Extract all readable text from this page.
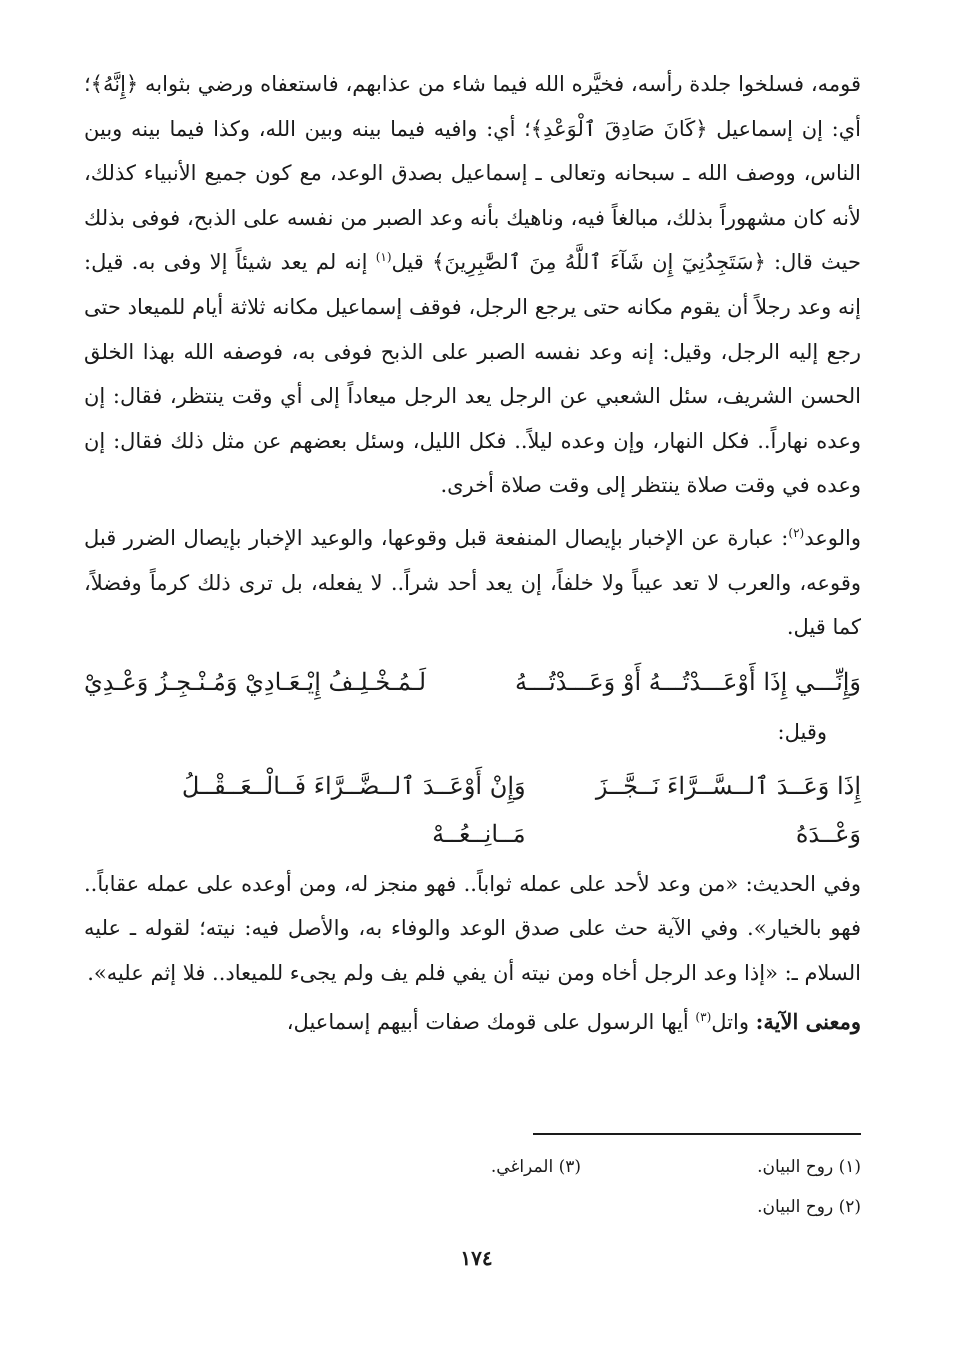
قومه، فسلخوا جلدة رأسه، فخيَّره الله فيما شاء من عذابهم، فاستعفاه ورضي بثوابه ﴿إِنَّهُ﴾؛ أي: إن إسماعيل ﴿كَانَ صَادِقَ ٱلْوَعْدِ﴾؛ أي: وافيه فيما بينه وبين الله، وكذا فيما بينه وبين الناس، ووصف الله ـ سبحانه وتعالى ـ إسماعيل بصدق الوعد، مع كون جميع الأنبياء كذلك، لأنه كان مشهوراً بذلك، مبالغاً فيه، وناهيك بأنه وعد الصبر من نفسه على الذبح، فوفى بذلك حيث قال: ﴿سَتَجِدُنِيٓ إِن شَآءَ ٱللَّهُ مِنَ ٱلصَّٰبِرِينَ﴾ قيل$^{(١)}$ إنه لم يعد شيئاً إلا وفى به. قيل: إنه وعد رجلاً أن يقوم مكانه حتى يرجع الرجل، فوقف إسماعيل مكانه ثلاثة أيام للميعاد حتى رجع إليه الرجل، وقيل: إنه وعد نفسه الصبر على الذبح فوفى به، فوصفه الله بهذا الخلق الحسن الشريف، سئل الشعبي عن الرجل يعد الرجل ميعاداً إلى أي وقت ينتظر، فقال: إن وعده نهاراً.. فكل النهار، وإن وعده ليلاً.. فكل الليل، وسئل بعضهم عن مثل ذلك فقال: إن وعده في وقت صلاة ينتظر إلى وقت صلاة أخرى.

والوعد$^{(٢)}$: عبارة عن الإخبار بإيصال المنفعة قبل وقوعها، والوعيد الإخبار بإيصال الضرر قبل وقوعه، والعرب لا تعد عيباً ولا خلفاً، إن يعد أحد شراً.. لا يفعله، بل ترى ذلك كرماً وفضلاً، كما قيل.

وَإِنِّـــي إِذَا أَوْعَـــدْتُـــهُ أَوْ وَعَـــدْتُـــهُ
لَـمُـخْـلِـفُ إِيْـعَـادِيْ وَمُـنْـجِـزُ وَعْـدِيْ

وقيل:

إِذَا وَعَــدَ ٱلــسَّــرَّاءَ نَــجَّــزَ وَعْــدَهُ
وَإِنْ أَوْعَــدَ ٱلــضَّــرَّاءَ فَــالْــعَــقْــلُ مَــانِــعُــهْ

وفي الحديث: «من وعد لأحد على عمله ثواباً.. فهو منجز له، ومن أوعده على عمله عقاباً.. فهو بالخيار». وفي الآية حث على صدق الوعد والوفاء به، والأصل فيه: نيته؛ لقوله ـ عليه السلام ـ: «إذا وعد الرجل أخاه ومن نيته أن يفي فلم يف ولم يجىء للميعاد.. فلا إثم عليه».

ومعنى الآية: واتل$^{(٣)}$ أيها الرسول على قومك صفات أبيهم إسماعيل،

(١) روح البيان.
(٣) المراغي.
(٢) روح البيان.
١٧٤
